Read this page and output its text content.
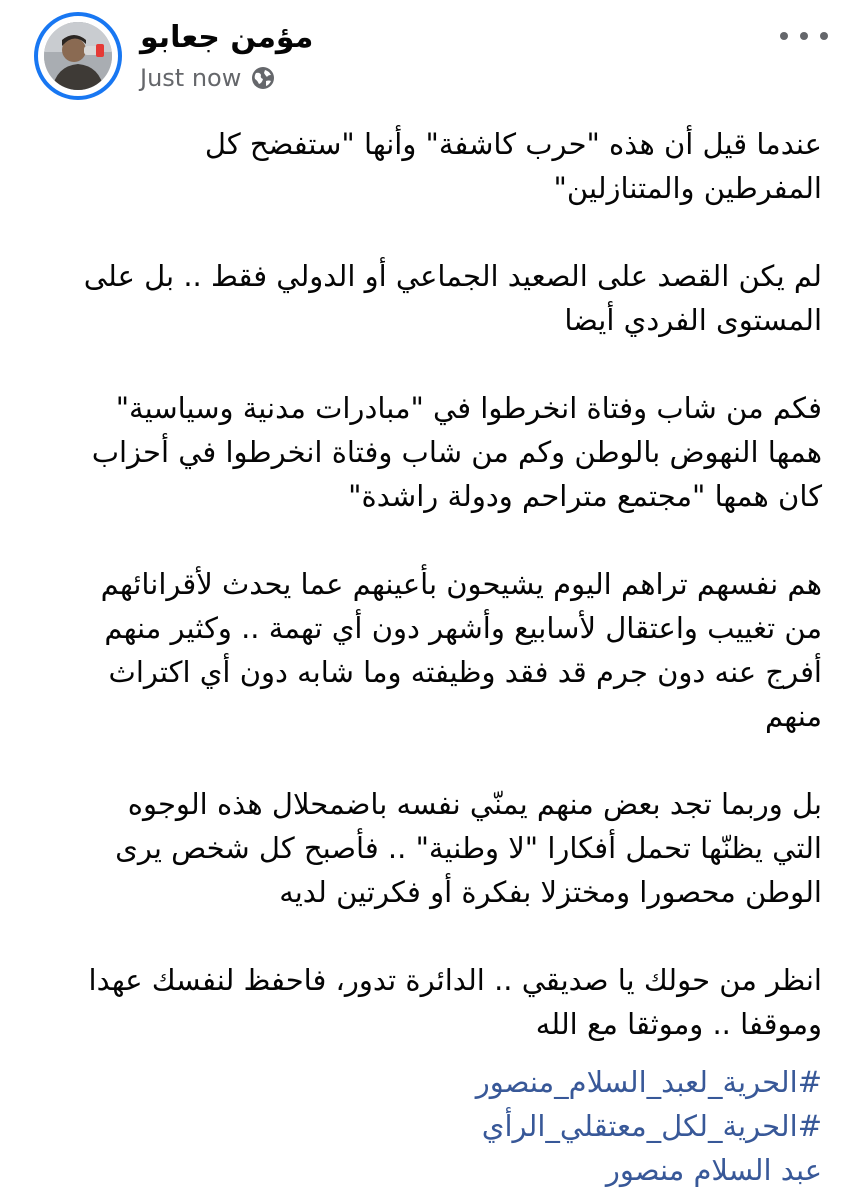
مؤمن جعابو
Just now

عندما قيل أن هذه "حرب كاشفة" وأنها "ستفضح كل
المفرطين والمتنازلين"

لم يكن القصد على الصعيد الجماعي أو الدولي فقط .. بل على
المستوى الفردي أيضا

فكم من شاب وفتاة انخرطوا في "مبادرات مدنية وسياسية"
همها النهوض بالوطن وكم من شاب وفتاة انخرطوا في أحزاب
كان همها "مجتمع متراحم ودولة راشدة"

هم نفسهم تراهم اليوم يشيحون بأعينهم عما يحدث لأقرانائهم
من تغييب واعتقال لأسابيع وأشهر دون أي تهمة .. وكثير منهم
أفرج عنه دون جرم قد فقد وظيفته وما شابه دون أي اكتراث
منهم

بل وربما تجد بعض منهم يمنّي نفسه باضمحلال هذه الوجوه
التي يظنّها تحمل أفكارا "لا وطنية" .. فأصبح كل شخص يرى
الوطن محصورا ومختزلا بفكرة أو فكرتين لديه

انظر من حولك يا صديقي .. الدائرة تدور، فاحفظ لنفسك عهدا
وموقفا .. وموثقا مع الله

#الحرية_لعبد_السلام_منصور
#الحرية_لكل_معتقلي_الرأي
عبد السلام منصور
